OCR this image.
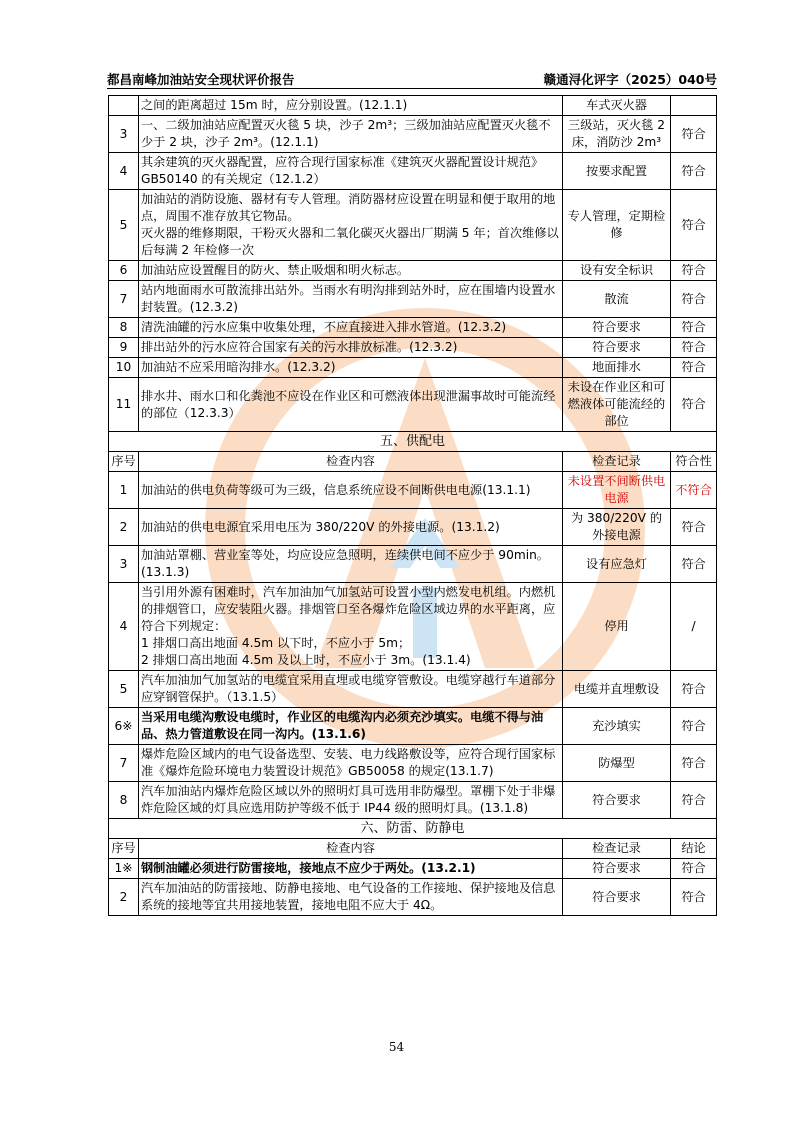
都昌南峰加油站安全现状评价报告	赣通浔化评字（2025）040号
	之间的距离超过 15m 时，应分别设置。(12.1.1)	车式灭火器	
3	一、二级加油站应配置灭火毯 5 块，沙子 2m³；三级加油站应配置灭火毯不少于 2 块，沙子 2m³。(12.1.1)	三级站，灭火毯 2 床，消防沙 2m³	符合
4	其余建筑的灭火器配置，应符合现行国家标准《建筑灭火器配置设计规范》GB50140 的有关规定（12.1.2）	按要求配置	符合
5	加油站的消防设施、器材有专人管理。消防器材应设置在明显和便于取用的地点，周围不准存放其它物品。
灭火器的维修期限，干粉灭火器和二氧化碳灭火器出厂期满 5 年；首次维修以后每满 2 年检修一次	专人管理，定期检修	符合
6	加油站应设置醒目的防火、禁止吸烟和明火标志。	设有安全标识	符合
7	站内地面雨水可散流排出站外。当雨水有明沟排到站外时，应在围墙内设置水封装置。(12.3.2)	散流	符合
8	清洗油罐的污水应集中收集处理，不应直接进入排水管道。(12.3.2)	符合要求	符合
9	排出站外的污水应符合国家有关的污水排放标准。(12.3.2)	符合要求	符合
10	加油站不应采用暗沟排水。(12.3.2)	地面排水	符合
11	排水井、雨水口和化粪池不应设在作业区和可燃液体出现泄漏事故时可能流经的部位（12.3.3）	未设在作业区和可燃液体可能流经的部位	符合
五、供配电			
序号	检查内容	检查记录	符合性
1	加油站的供电负荷等级可为三级，信息系统应设不间断供电电源(13.1.1)	未设置不间断供电电源	不符合
2	加油站的供电电源宜采用电压为 380/220V 的外接电源。(13.1.2)	为 380/220V 的外接电源	符合
3	加油站罩棚、营业室等处，均应设应急照明，连续供电间不应少于 90min。(13.1.3)	设有应急灯	符合
4	当引用外源有困难时，汽车加油加气加氢站可设置小型内燃发电机组。内燃机的排烟管口，应安装阻火器。排烟管口至各爆炸危险区域边界的水平距离，应符合下列规定：
1 排烟口高出地面 4.5m 以下时，不应小于 5m；
2 排烟口高出地面 4.5m 及以上时，不应小于 3m。(13.1.4)	停用	/
5	汽车加油加气加氢站的电缆宜采用直埋或电缆穿管敷设。电缆穿越行车道部分应穿钢管保护。（13.1.5）	电缆并直埋敷设	符合
6※	当采用电缆沟敷设电缆时，作业区的电缆沟内必须充沙填实。电缆不得与油品、热力管道敷设在同一沟内。(13.1.6)	充沙填实	符合
7	爆炸危险区域内的电气设备选型、安装、电力线路敷设等，应符合现行国家标准《爆炸危险环境电力装置设计规范》GB50058 的规定(13.1.7)	防爆型	符合
8	汽车加油站内爆炸危险区域以外的照明灯具可选用非防爆型。罩棚下处于非爆炸危险区域的灯具应选用防护等级不低于 IP44 级的照明灯具。(13.1.8)	符合要求	符合
六、防雷、防静电			
序号	检查内容	检查记录	结论
1※	钢制油罐必须进行防雷接地，接地点不应少于两处。(13.2.1)	符合要求	符合
2	汽车加油站的防雷接地、防静电接地、电气设备的工作接地、保护接地及信息系统的接地等宜共用接地装置，接地电阻不应大于 4Ω。	符合要求	符合
54
